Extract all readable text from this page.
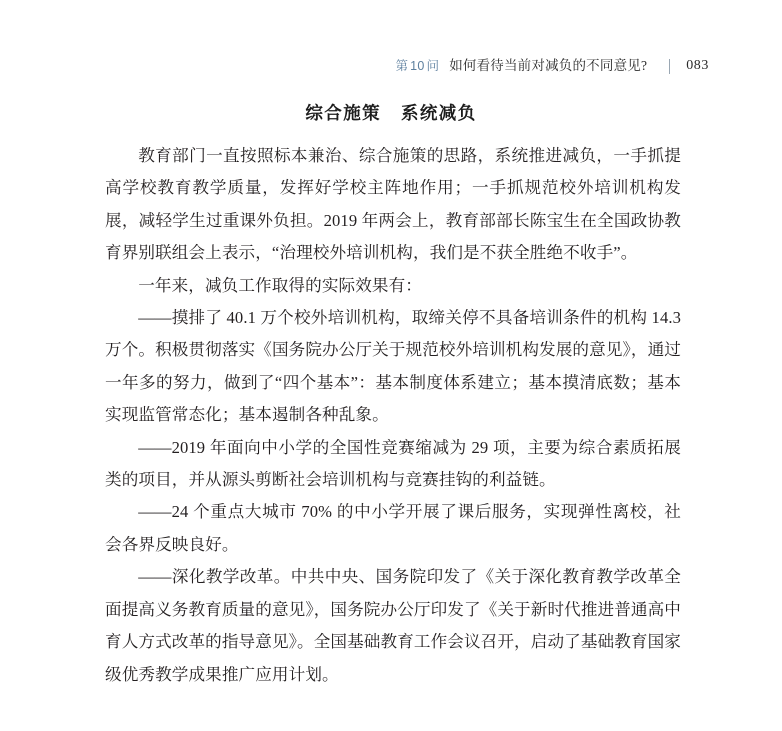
第 10 问 如何看待当前对减负的不同意见?	083
综合施策 系统减负

教育部门一直按照标本兼治、综合施策的思路，系统推进减负，一手抓提高学校教育教学质量，发挥好学校主阵地作用；一手抓规范校外培训机构发展，减轻学生过重课外负担。2019 年两会上，教育部部长陈宝生在全国政协教育界别联组会上表示，“治理校外培训机构，我们是不获全胜绝不收手”。

一年来，减负工作取得的实际效果有：

——摸排了 40.1 万个校外培训机构，取缔关停不具备培训条件的机构 14.3 万个。积极贯彻落实《国务院办公厅关于规范校外培训机构发展的意见》，通过一年多的努力，做到了“四个基本”：基本制度体系建立；基本摸清底数；基本实现监管常态化；基本遏制各种乱象。

——2019 年面向中小学的全国性竞赛缩减为 29 项，主要为综合素质拓展类的项目，并从源头剪断社会培训机构与竞赛挂钩的利益链。

——24 个重点大城市 70% 的中小学开展了课后服务，实现弹性离校，社会各界反映良好。

——深化教学改革。中共中央、国务院印发了《关于深化教育教学改革全面提高义务教育质量的意见》，国务院办公厅印发了《关于新时代推进普通高中育人方式改革的指导意见》。全国基础教育工作会议召开，启动了基础教育国家级优秀教学成果推广应用计划。
